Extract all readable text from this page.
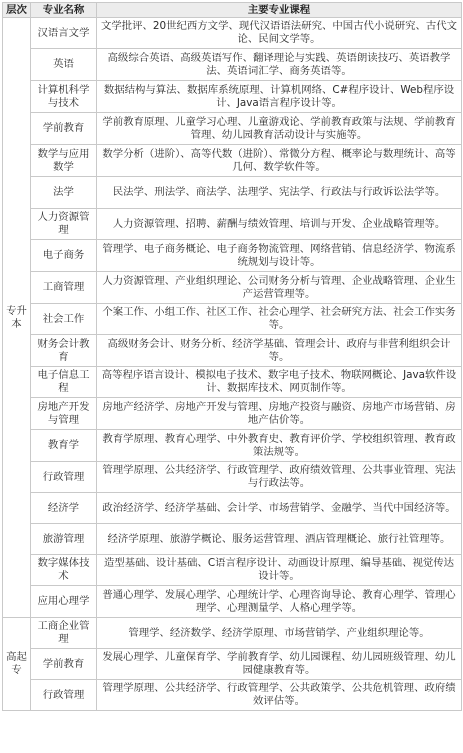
层次	专业名称	主要专业课程
专升本	汉语言文学	文学批评、20世纪西方文学、现代汉语语法研究、中国古代小说研究、古代文论、民间文学等。
	英语	高级综合英语、高级英语写作、翻译理论与实践、英语朗读技巧、英语教学法、英语词汇学、商务英语等。
	计算机科学与技术	数据结构与算法、数据库系统原理、计算机网络、C#程序设计、Web程序设计、Java语言程序设计等。
	学前教育	学前教育原理、儿童学习心理、儿童游戏论、学前教育政策与法规、学前教育管理、幼儿园教育活动设计与实施等。
	数学与应用数学	数学分析（进阶）、高等代数（进阶）、常微分方程、概率论与数理统计、高等几何、数学软件等。
	法学	民法学、刑法学、商法学、法理学、宪法学、行政法与行政诉讼法学等。
	人力资源管理	人力资源管理、招聘、薪酬与绩效管理、培训与开发、企业战略管理等。
	电子商务	管理学、电子商务概论、电子商务物流管理、网络营销、信息经济学、物流系统规划与设计等。
	工商管理	人力资源管理、产业组织理论、公司财务分析与管理、企业战略管理、企业生产运营管理等。
	社会工作	个案工作、小组工作、社区工作、社会心理学、社会研究方法、社会工作实务等。
	财务会计教育	高级财务会计、财务分析、经济学基础、管理会计、政府与非营利组织会计等。
	电子信息工程	高等程序语言设计、模拟电子技术、数字电子技术、物联网概论、Java软件设计、数据库技术、网页制作等。
	房地产开发与管理	房地产经济学、房地产开发与管理、房地产投资与融资、房地产市场营销、房地产估价等。
	教育学	教育学原理、教育心理学、中外教育史、教育评价学、学校组织管理、教育政策法规等。
	行政管理	管理学原理、公共经济学、行政管理学、政府绩效管理、公共事业管理、宪法与行政法等。
	经济学	政治经济学、经济学基础、会计学、市场营销学、金融学、当代中国经济等。
	旅游管理	经济学原理、旅游学概论、服务运营管理、酒店管理概论、旅行社管理等。
	数字媒体技术	造型基础、设计基础、C语言程序设计、动画设计原理、编导基础、视觉传达设计等。
	应用心理学	普通心理学、发展心理学、心理统计学、心理咨询导论、教育心理学、管理心理学、心理测量学、人格心理学等。
高起专	工商企业管理	管理学、经济数学、经济学原理、市场营销学、产业组织理论等。
	学前教育	发展心理学、儿童保育学、学前教育学、幼儿园课程、幼儿园班级管理、幼儿园健康教育等。
	行政管理	管理学原理、公共经济学、行政管理学、公共政策学、公共危机管理、政府绩效评估等。
